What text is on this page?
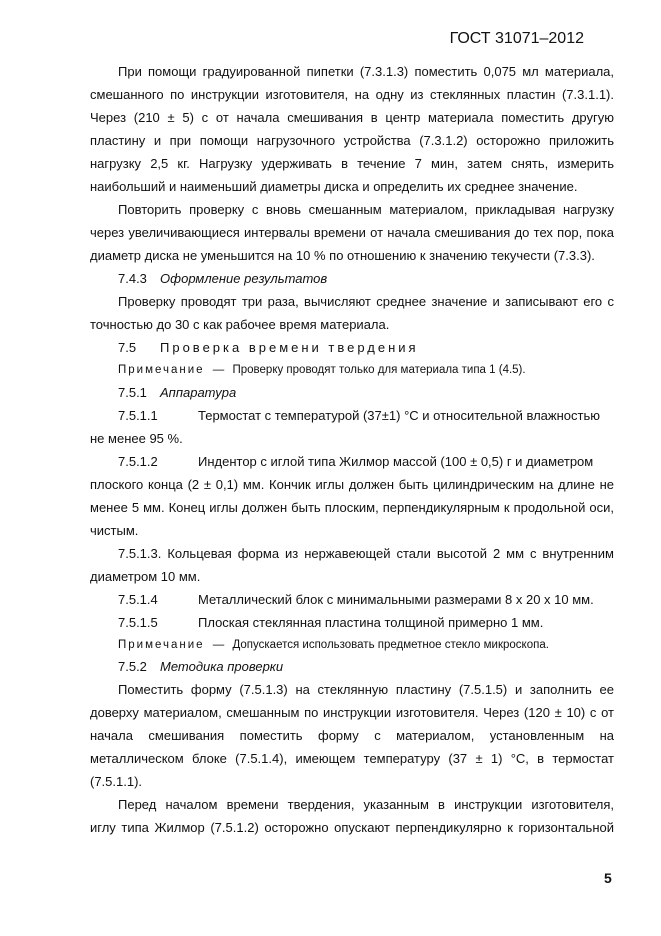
ГОСТ 31071–2012
При помощи градуированной пипетки (7.3.1.3) поместить 0,075 мл материала,
смешанного по инструкции изготовителя, на одну из стеклянных пластин (7.3.1.1).
Через (210 ± 5) с от начала смешивания в центр материала поместить другую
пластину и при помощи нагрузочного устройства (7.3.1.2) осторожно приложить
нагрузку 2,5 кг. Нагрузку удерживать в течение 7 мин, затем снять, измерить
наибольший и наименьший диаметры диска и определить их среднее значение.
Повторить проверку с вновь смешанным материалом, прикладывая нагрузку
через увеличивающиеся интервалы времени от начала смешивания до тех пор, пока
диаметр диска не уменьшится на 10 % по отношению к значению текучести (7.3.3).
7.4.3 Оформление результатов
Проверку проводят три раза, вычисляют среднее значение и записывают его с
точностью до 30 с как рабочее время материала.
7.5 Проверка времени твердения
Примечание — Проверку проводят только для материала типа 1 (4.5).
7.5.1 Аппаратура
7.5.1.1	Термостат с температурой (37±1) °С и относительной влажностью
не менее 95 %.
7.5.1.2	Индентор с иглой типа Жилмор массой (100 ± 0,5) г и диаметром
плоского конца (2 ± 0,1) мм. Кончик иглы должен быть цилиндрическим на длине не
менее 5 мм. Конец иглы должен быть плоским, перпендикулярным к продольной оси,
чистым.
7.5.1.3. Кольцевая форма из нержавеющей стали высотой 2 мм с внутренним
диаметром 10 мм.
7.5.1.4	Металлический блок с минимальными размерами 8 х 20 х 10 мм.
7.5.1.5	Плоская стеклянная пластина толщиной примерно 1 мм.
Примечание — Допускается использовать предметное стекло микроскопа.
7.5.2 Методика проверки
Поместить форму (7.5.1.3) на стеклянную пластину (7.5.1.5) и заполнить ее
доверху материалом, смешанным по инструкции изготовителя. Через (120 ± 10) с от
начала смешивания поместить форму с материалом, установленным на
металлическом блоке (7.5.1.4), имеющем температуру (37 ± 1) °С, в термостат
(7.5.1.1).
Перед началом времени твердения, указанным в инструкции изготовителя,
иглу типа Жилмор (7.5.1.2) осторожно опускают перпендикулярно к горизонтальной
5
